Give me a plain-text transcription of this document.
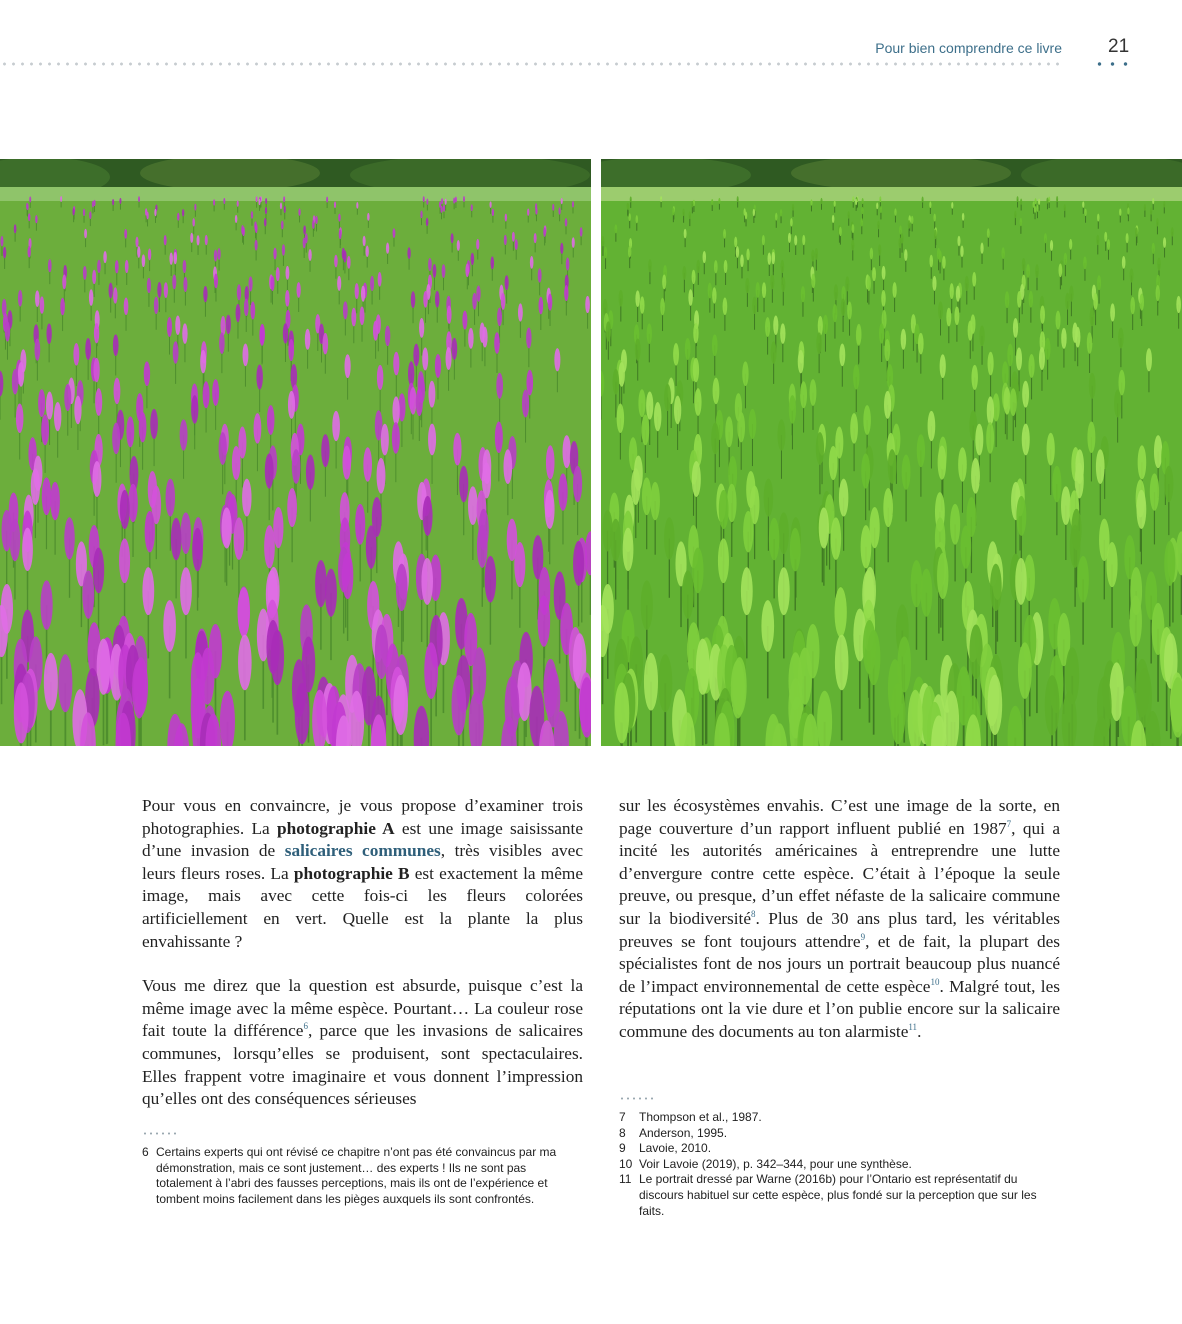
Pour bien comprendre ce livre 21

Pour vous en convaincre, je vous propose d’examiner trois photographies. La photographie A est une image saisissante d’une invasion de salicaires communes, très visibles avec leurs fleurs roses. La photographie B est exactement la même image, mais avec cette fois-ci les fleurs colorées artificiellement en vert. Quelle est la plante la plus envahissante ?

Vous me direz que la question est absurde, puisque c’est la même image avec la même espèce. Pourtant… La couleur rose fait toute la différence$^6$, parce que les invasions de salicaires communes, lorsqu’elles se produisent, sont spectaculaires. Elles frappent votre imaginaire et vous donnent l’impression qu’elles ont des conséquences sérieuses

sur les écosystèmes envahis. C’est une image de la sorte, en page couverture d’un rapport influent publié en 1987$^7$, qui a incité les autorités américaines à entreprendre une lutte d’envergure contre cette espèce. C’était à l’époque la seule preuve, ou presque, d’un effet néfaste de la salicaire commune sur la biodiversité$^8$. Plus de 30 ans plus tard, les véritables preuves se font toujours attendre$^9$, et de fait, la plupart des spécialistes font de nos jours un portrait beaucoup plus nuancé de l’impact environnemental de cette espèce$^{10}$. Malgré tout, les réputations ont la vie dure et l’on publie encore sur la salicaire commune des documents au ton alarmiste$^{11}$.

6 Certains experts qui ont révisé ce chapitre n’ont pas été convaincus par ma démonstration, mais ce sont justement… des experts ! Ils ne sont pas totalement à l’abri des fausses perceptions, mais ils ont de l’expérience et tombent moins facilement dans les pièges auxquels ils sont confrontés.
7	Thompson et al., 1987.
8	Anderson, 1995.
9	Lavoie, 2010.
10 Voir Lavoie (2019), p. 342–344, pour une synthèse.
11 Le portrait dressé par Warne (2016b) pour l’Ontario est représentatif du discours habituel sur cette espèce, plus fondé sur la perception que sur les faits.
